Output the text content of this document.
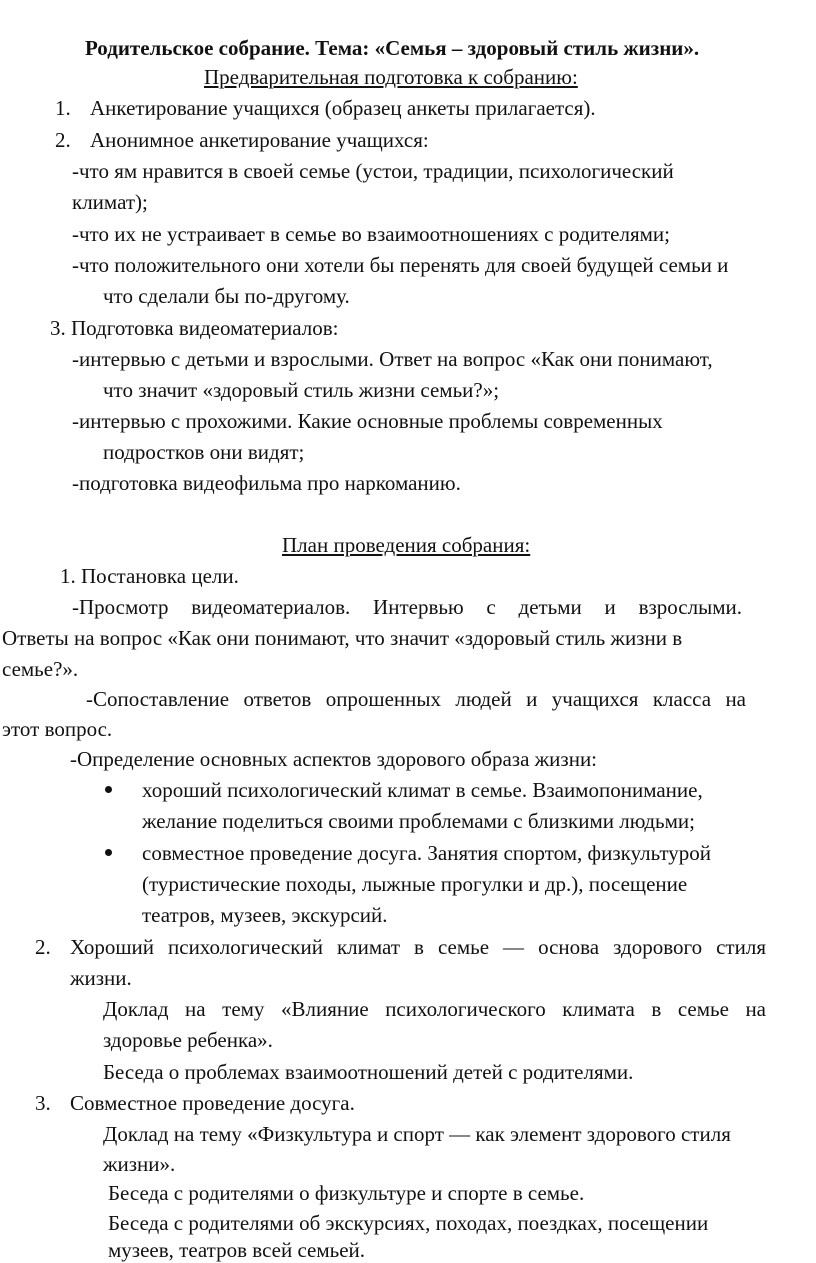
Родительское собрание. Тема: «Семья – здоровый стиль жизни».
Предварительная подготовка к собранию:
1. Анкетирование учащихся (образец анкеты прилагается).
2. Анонимное анкетирование учащихся:
-что ям нравится в своей семье (устои, традиции, психологический
климат);
-что их не устраивает в семье во взаимоотношениях с родителями;
-что положительного они хотели бы перенять для своей будущей семьи и
что сделали бы по-другому.
3. Подготовка видеоматериалов:
-интервью с детьми и взрослыми. Ответ на вопрос «Как они понимают,
что значит «здоровый стиль жизни семьи?»;
-интервью с прохожими. Какие основные проблемы современных
подростков они видят;
-подготовка видеофильма про наркоманию.
План проведения собрания:
1. Постановка цели.
-Просмотр видеоматериалов. Интервью с детьми и взрослыми.
Ответы на вопрос «Как они понимают, что значит «здоровый стиль жизни в
семье?».
-Сопоставление ответов опрошенных людей и учащихся класса на
этот вопрос.
-Определение основных аспектов здорового образа жизни:
хороший психологический климат в семье. Взаимопонимание,
желание поделиться своими проблемами с близкими людьми;
совместное проведение досуга. Занятия спортом, физкультурой
(туристические походы, лыжные прогулки и др.), посещение
театров, музеев, экскурсий.
2. Хороший психологический климат в семье — основа здорового стиля
жизни.
Доклад на тему «Влияние психологического климата в семье на
здоровье ребенка».
Беседа о проблемах взаимоотношений детей с родителями.
3. Совместное проведение досуга.
Доклад на тему «Физкультура и спорт — как элемент здорового стиля
жизни».
Беседа с родителями о физкультуре и спорте в семье.
Беседа с родителями об экскурсиях, походах, поездках, посещении
музеев, театров всей семьей.
